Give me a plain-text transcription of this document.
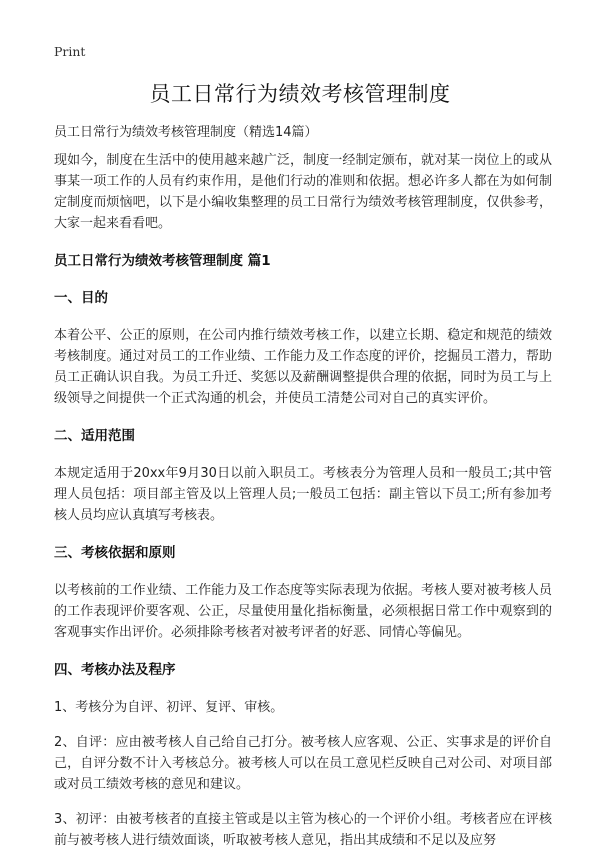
Print
员工日常行为绩效考核管理制度
员工日常行为绩效考核管理制度（精选14篇）

现如今，制度在生活中的使用越来越广泛，制度一经制定颁布，就对某一岗位上的或从事某一项工作的人员有约束作用，是他们行动的准则和依据。想必许多人都在为如何制定制度而烦恼吧，以下是小编收集整理的员工日常行为绩效考核管理制度，仅供参考，大家一起来看看吧。

员工日常行为绩效考核管理制度 篇1
一、目的

本着公平、公正的原则，在公司内推行绩效考核工作，以建立长期、稳定和规范的绩效考核制度。通过对员工的工作业绩、工作能力及工作态度的评价，挖掘员工潜力，帮助员工正确认识自我。为员工升迁、奖惩以及薪酬调整提供合理的依据，同时为员工与上级领导之间提供一个正式沟通的机会，并使员工清楚公司对自己的真实评价。

二、适用范围

本规定适用于20xx年9月30日以前入职员工。考核表分为管理人员和一般员工;其中管理人员包括：项目部主管及以上管理人员;一般员工包括：副主管以下员工;所有参加考核人员均应认真填写考核表。

三、考核依据和原则

以考核前的工作业绩、工作能力及工作态度等实际表现为依据。考核人要对被考核人员的工作表现评价要客观、公正，尽量使用量化指标衡量，必须根据日常工作中观察到的客观事实作出评价。必须排除考核者对被考评者的好恶、同情心等偏见。

四、考核办法及程序

1、考核分为自评、初评、复评、审核。

2、自评：应由被考核人自己给自己打分。被考核人应客观、公正、实事求是的评价自己，自评分数不计入考核总分。被考核人可以在员工意见栏反映自己对公司、对项目部或对员工绩效考核的意见和建议。

3、初评：由被考核者的直接主管或是以主管为核心的一个评价小组。考核者应在评核前与被考核人进行绩效面谈，听取被考核人意见，指出其成绩和不足以及应努
